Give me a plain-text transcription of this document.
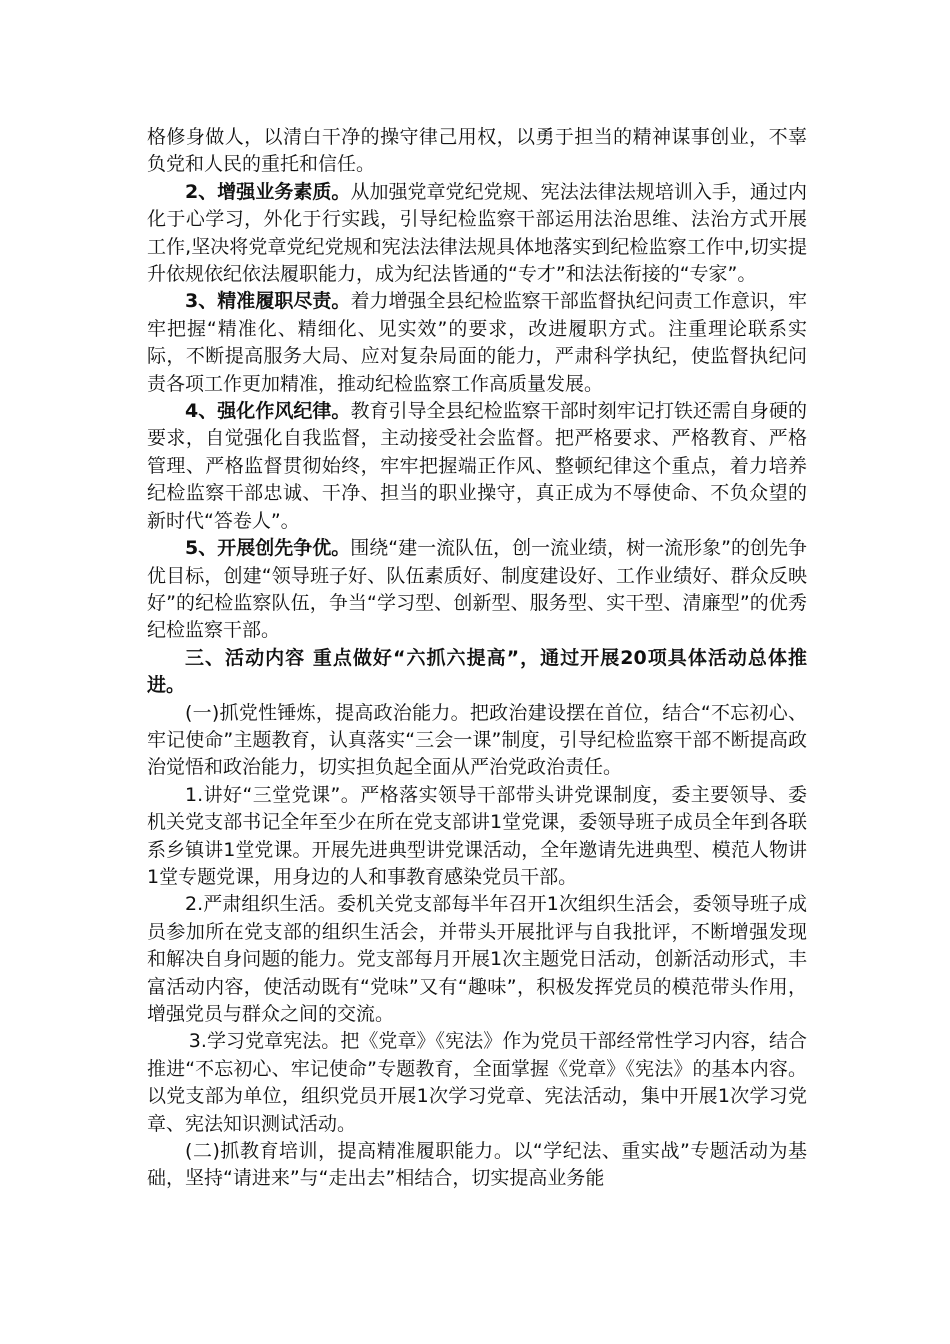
格修身做人，以清白干净的操守律己用权，以勇于担当的精神谋事创业，不辜负党和人民的重托和信任。

2、增强业务素质。从加强党章党纪党规、宪法法律法规培训入手，通过内化于心学习，外化于行实践，引导纪检监察干部运用法治思维、法治方式开展工作,坚决将党章党纪党规和宪法法律法规具体地落实到纪检监察工作中,切实提升依规依纪依法履职能力，成为纪法皆通的“专才”和法法衔接的“专家”。

3、精准履职尽责。着力增强全县纪检监察干部监督执纪问责工作意识，牢牢把握“精准化、精细化、见实效”的要求，改进履职方式。注重理论联系实际，不断提高服务大局、应对复杂局面的能力，严肃科学执纪，使监督执纪问责各项工作更加精准，推动纪检监察工作高质量发展。

4、强化作风纪律。教育引导全县纪检监察干部时刻牢记打铁还需自身硬的要求，自觉强化自我监督，主动接受社会监督。把严格要求、严格教育、严格管理、严格监督贯彻始终，牢牢把握端正作风、整顿纪律这个重点，着力培养纪检监察干部忠诚、干净、担当的职业操守，真正成为不辱使命、不负众望的新时代“答卷人”。

5、开展创先争优。围绕“建一流队伍，创一流业绩，树一流形象”的创先争优目标，创建“领导班子好、队伍素质好、制度建设好、工作业绩好、群众反映好”的纪检监察队伍，争当“学习型、创新型、服务型、实干型、清廉型”的优秀纪检监察干部。

三、活动内容 重点做好“六抓六提高”，通过开展20项具体活动总体推进。

(一)抓党性锤炼，提高政治能力。把政治建设摆在首位，结合“不忘初心、牢记使命”主题教育，认真落实“三会一课”制度，引导纪检监察干部不断提高政治觉悟和政治能力，切实担负起全面从严治党政治责任。

1.讲好“三堂党课”。严格落实领导干部带头讲党课制度，委主要领导、委机关党支部书记全年至少在所在党支部讲1堂党课，委领导班子成员全年到各联系乡镇讲1堂党课。开展先进典型讲党课活动，全年邀请先进典型、模范人物讲1堂专题党课，用身边的人和事教育感染党员干部。

2.严肃组织生活。委机关党支部每半年召开1次组织生活会，委领导班子成员参加所在党支部的组织生活会，并带头开展批评与自我批评，不断增强发现和解决自身问题的能力。党支部每月开展1次主题党日活动，创新活动形式，丰富活动内容，使活动既有“党味”又有“趣味”，积极发挥党员的模范带头作用，增强党员与群众之间的交流。

3.学习党章宪法。把《党章》《宪法》作为党员干部经常性学习内容，结合推进“不忘初心、牢记使命”专题教育，全面掌握《党章》《宪法》的基本内容。以党支部为单位，组织党员开展1次学习党章、宪法活动，集中开展1次学习党章、宪法知识测试活动。

(二)抓教育培训，提高精准履职能力。以“学纪法、重实战”专题活动为基础，坚持“请进来”与“走出去”相结合，切实提高业务能
